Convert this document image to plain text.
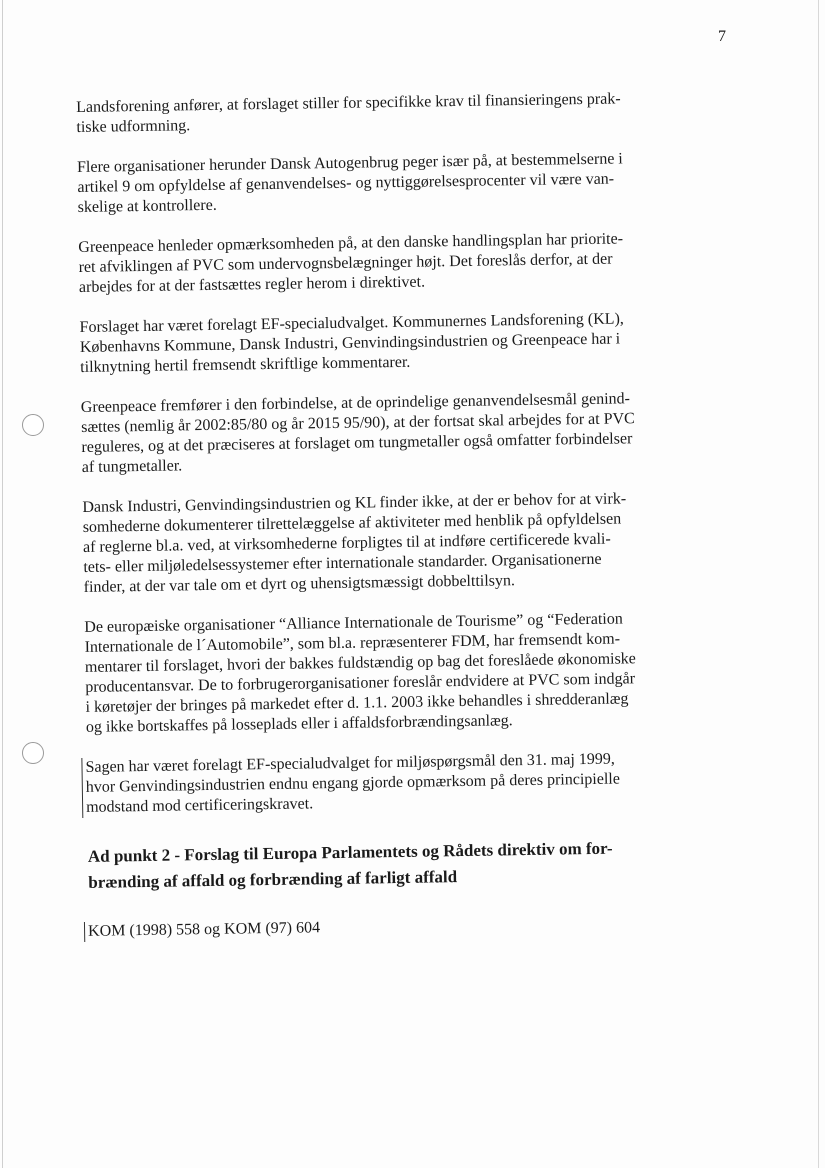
7

Landsforening anfører, at forslaget stiller for specifikke krav til finansieringens prak-
tiske udformning.

Flere organisationer herunder Dansk Autogenbrug peger især på, at bestemmelserne i
artikel 9 om opfyldelse af genanvendelses- og nyttiggørelsesprocenter vil være van-
skelige at kontrollere.

Greenpeace henleder opmærksomheden på, at den danske handlingsplan har priorite-
ret afviklingen af PVC som undervognsbelægninger højt. Det foreslås derfor, at der
arbejdes for at der fastsættes regler herom i direktivet.

Forslaget har været forelagt EF-specialudvalget. Kommunernes Landsforening (KL),
Københavns Kommune, Dansk Industri, Genvindingsindustrien og Greenpeace har i
tilknytning hertil fremsendt skriftlige kommentarer.

Greenpeace fremfører i den forbindelse, at de oprindelige genanvendelsesmål genind-
sættes (nemlig år 2002:85/80 og år 2015 95/90), at der fortsat skal arbejdes for at PVC
reguleres, og at det præciseres at forslaget om tungmetaller også omfatter forbindelser
af tungmetaller.

Dansk Industri, Genvindingsindustrien og KL finder ikke, at der er behov for at virk-
somhederne dokumenterer tilrettelæggelse af aktiviteter med henblik på opfyldelsen
af reglerne bl.a. ved, at virksomhederne forpligtes til at indføre certificerede kvali-
tets- eller miljøledelsessystemer efter internationale standarder. Organisationerne
finder, at der var tale om et dyrt og uhensigtsmæssigt dobbelttilsyn.

De europæiske organisationer “Alliance Internationale de Tourisme” og “Federation
Internationale de l´Automobile”, som bl.a. repræsenterer FDM, har fremsendt kom-
mentarer til forslaget, hvori der bakkes fuldstændig op bag det foreslåede økonomiske
producentansvar. De to forbrugerorganisationer foreslår endvidere at PVC som indgår
i køretøjer der bringes på markedet efter d. 1.1. 2003 ikke behandles i shredderanlæg
og ikke bortskaffes på losseplads eller i affaldsforbrændingsanlæg.

Sagen har været forelagt EF-specialudvalget for miljøspørgsmål den 31. maj 1999,
hvor Genvindingsindustrien endnu engang gjorde opmærksom på deres principielle
modstand mod certificeringskravet.

Ad punkt 2 - Forslag til Europa Parlamentets og Rådets direktiv om for-
brænding af affald og forbrænding af farligt affald
KOM (1998) 558 og KOM (97) 604
